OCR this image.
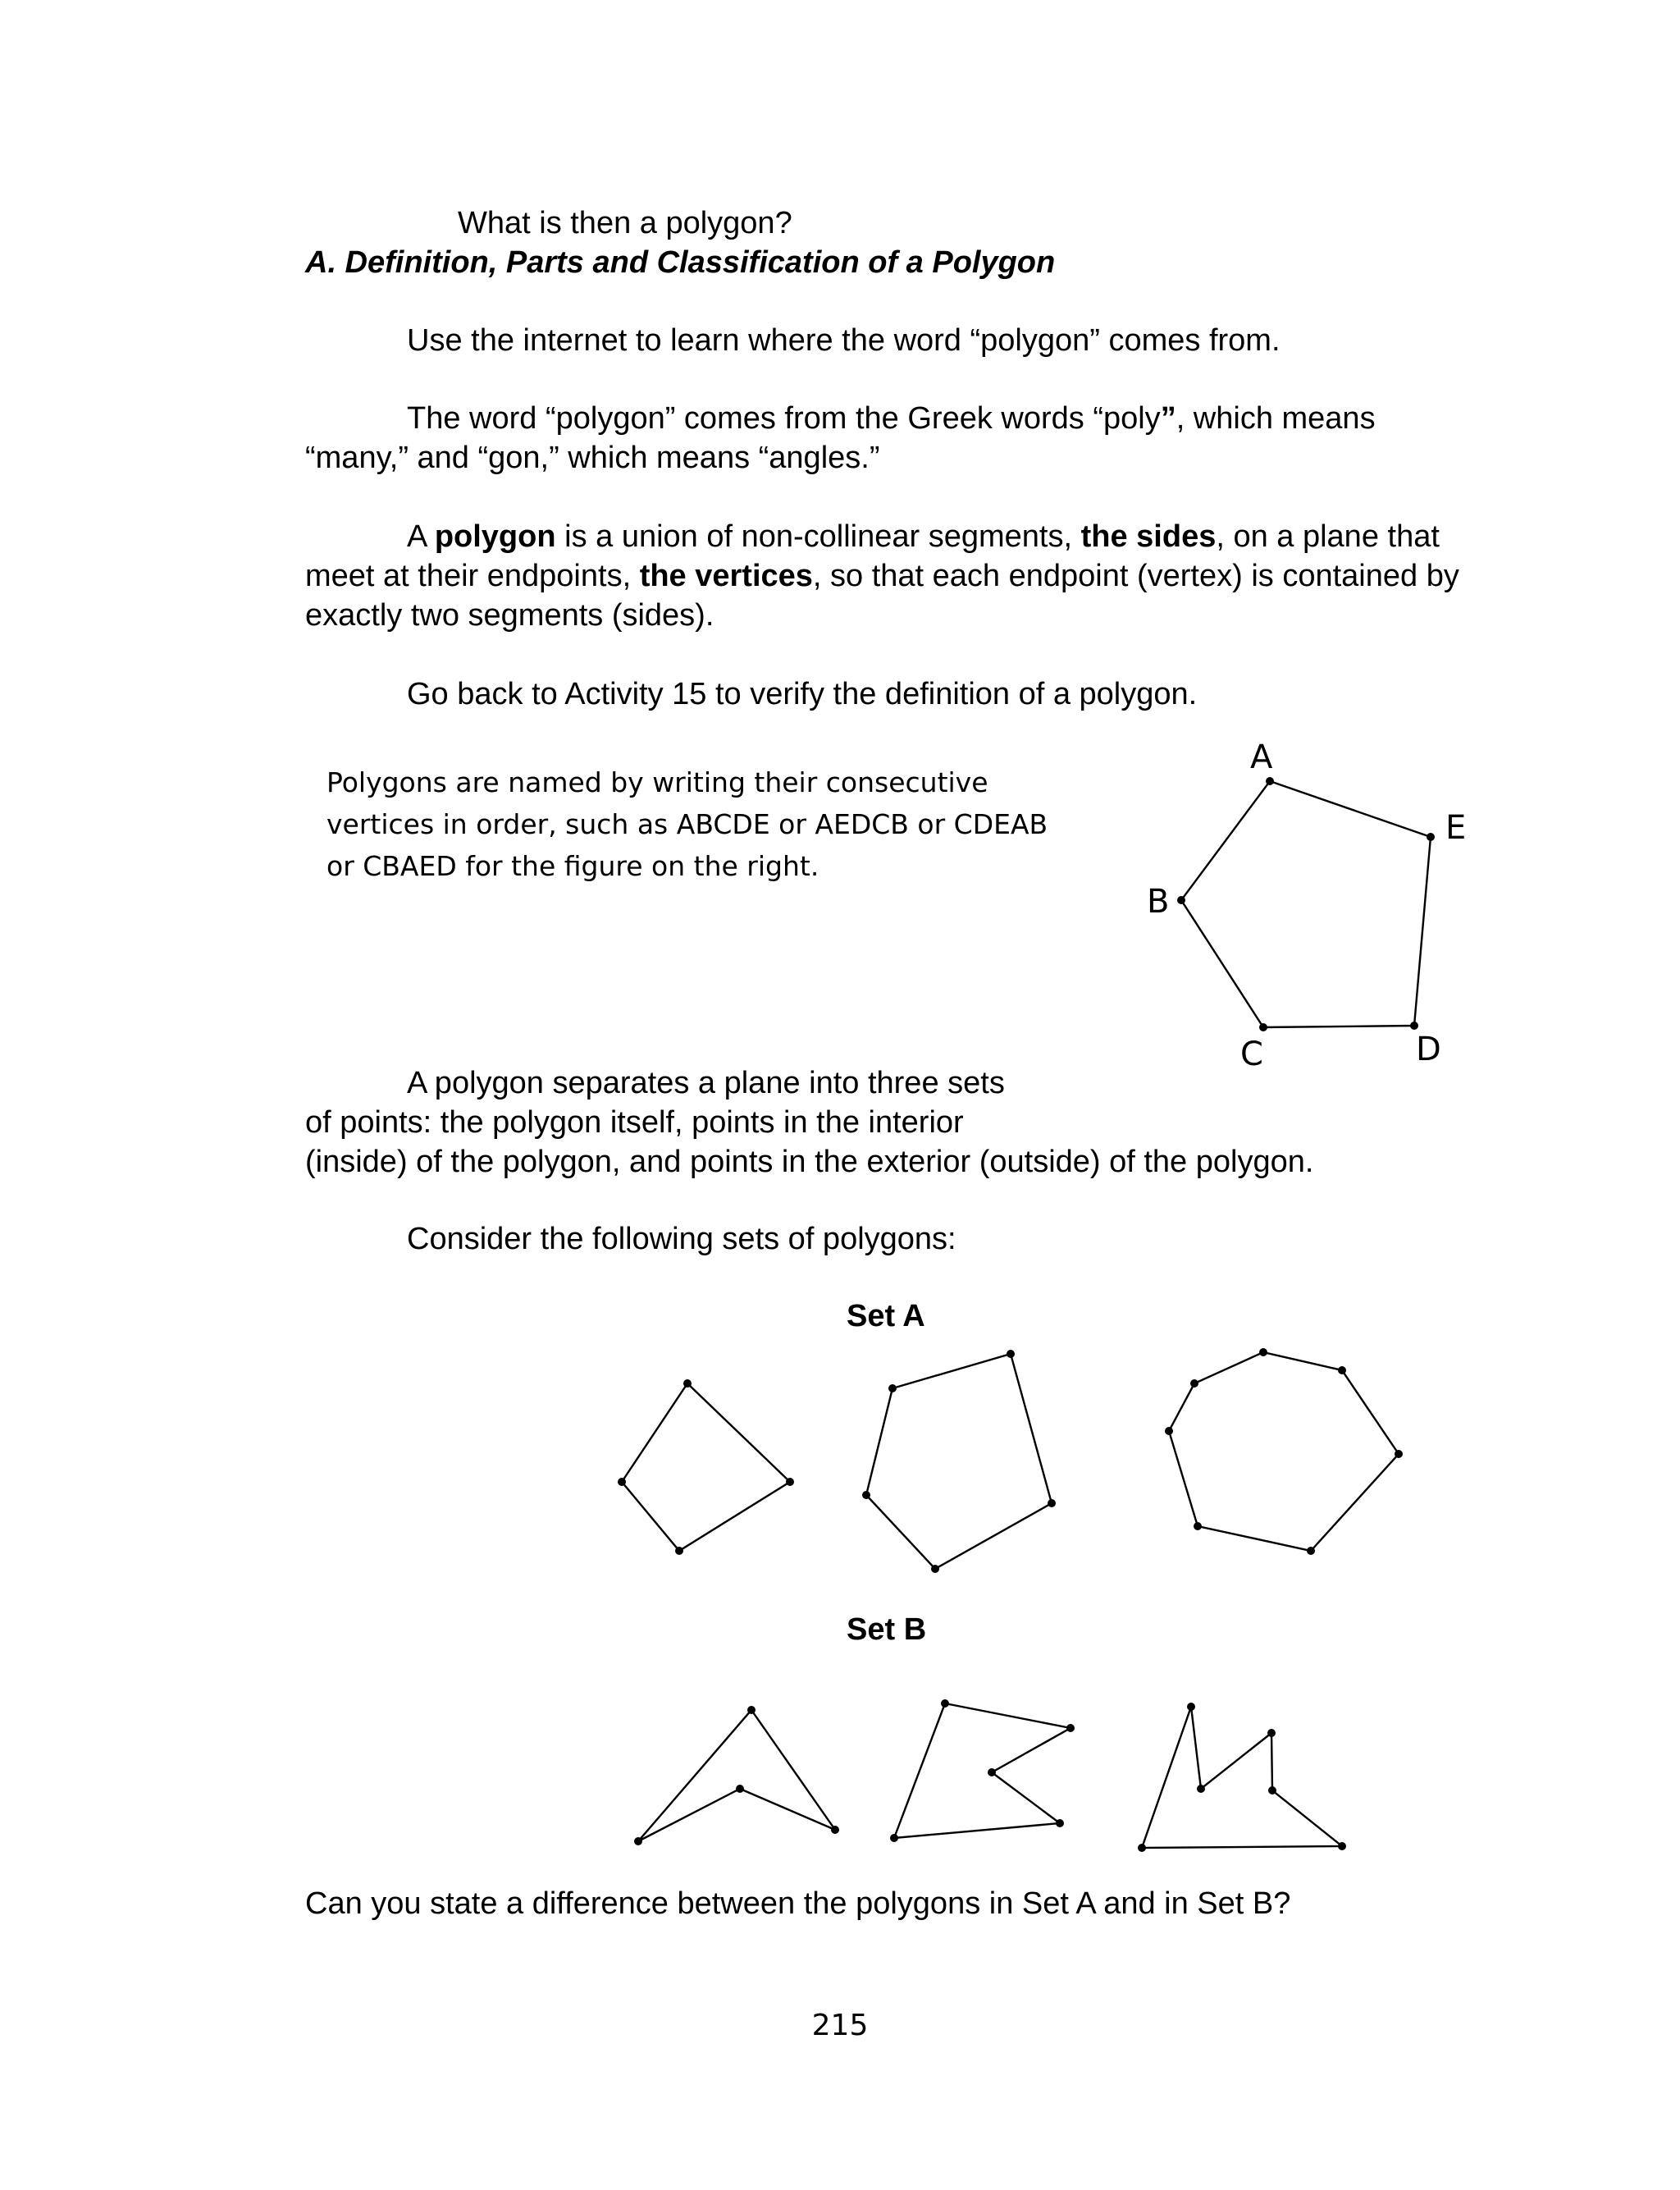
What is then a polygon?
A. Definition, Parts and Classification of a Polygon
Use the internet to learn where the word “polygon” comes from.

The word “polygon” comes from the Greek words “poly”, which means “many,” and “gon,” which means “angles.”

A polygon is a union of non-collinear segments, the sides, on a plane that meet at their endpoints, the vertices, so that each endpoint (vertex) is contained by exactly two segments (sides).

Go back to Activity 15 to verify the definition of a polygon.

Polygons are named by writing their consecutive vertices in order, such as ABCDE or AEDCB or CDEAB or CBAED for the figure on the right.

A polygon separates a plane into three sets
of points: the polygon itself, points in the interior
(inside) of the polygon, and points in the exterior (outside) of the polygon.
Consider the following sets of polygons:
Set A
Set B
Can you state a difference between the polygons in Set A and in Set B?
215
A
E
B
C	D
